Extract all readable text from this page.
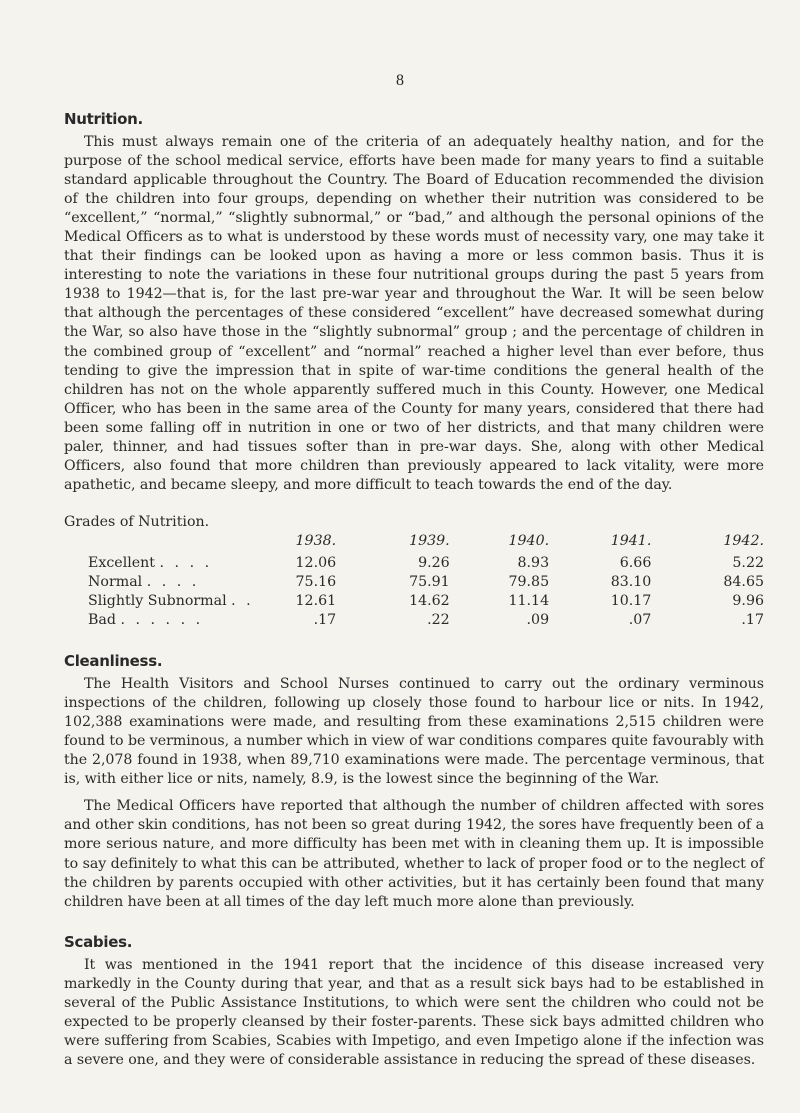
8
Nutrition.

This must always remain one of the criteria of an adequately healthy nation, and for the purpose of the school medical service, efforts have been made for many years to find a suitable standard applicable throughout the Country. The Board of Education recommended the division of the children into four groups, depending on whether their nutrition was considered to be “excellent,” “normal,” “slightly subnormal,” or “bad,” and although the personal opinions of the Medical Officers as to what is understood by these words must of necessity vary, one may take it that their findings can be looked upon as having a more or less common basis. Thus it is interesting to note the variations in these four nutritional groups during the past 5 years from 1938 to 1942—that is, for the last pre-war year and throughout the War. It will be seen below that although the percentages of these considered “excellent” have decreased somewhat during the War, so also have those in the “slightly subnormal” group ; and the percentage of children in the combined group of “excellent” and “normal” reached a higher level than ever before, thus tending to give the impression that in spite of war-time conditions the general health of the children has not on the whole apparently suffered much in this County. However, one Medical Officer, who has been in the same area of the County for many years, considered that there had been some falling off in nutrition in one or two of her districts, and that many children were paler, thinner, and had tissues softer than in pre-war days. She, along with other Medical Officers, also found that more children than previously appeared to lack vitality, were more apathetic, and became sleepy, and more difficult to teach towards the end of the day.

Grades of Nutrition.
	1938.	1939.	1940.	1941.	1942.
Excellent . . . .	12.06	9.26	8.93	6.66	5.22
Normal . . . .	75.16	75.91	79.85	83.10	84.65
Slightly Subnormal . .	12.61	14.62	11.14	10.17	9.96
Bad . . . . . .	.17	.22	.09	.07	.17
Cleanliness.

The Health Visitors and School Nurses continued to carry out the ordinary verminous inspections of the children, following up closely those found to harbour lice or nits. In 1942, 102,388 examinations were made, and resulting from these examinations 2,515 children were found to be verminous, a number which in view of war conditions compares quite favourably with the 2,078 found in 1938, when 89,710 examinations were made. The percentage verminous, that is, with either lice or nits, namely, 8.9, is the lowest since the beginning of the War.

The Medical Officers have reported that although the number of children affected with sores and other skin conditions, has not been so great during 1942, the sores have frequently been of a more serious nature, and more difficulty has been met with in cleaning them up. It is impossible to say definitely to what this can be attributed, whether to lack of proper food or to the neglect of the children by parents occupied with other activities, but it has certainly been found that many children have been at all times of the day left much more alone than previously.

Scabies.

It was mentioned in the 1941 report that the incidence of this disease increased very markedly in the County during that year, and that as a result sick bays had to be established in several of the Public Assistance Institutions, to which were sent the children who could not be expected to be properly cleansed by their foster-parents. These sick bays admitted children who were suffering from Scabies, Scabies with Impetigo, and even Impetigo alone if the infection was a severe one, and they were of considerable assistance in reducing the spread of these diseases.
